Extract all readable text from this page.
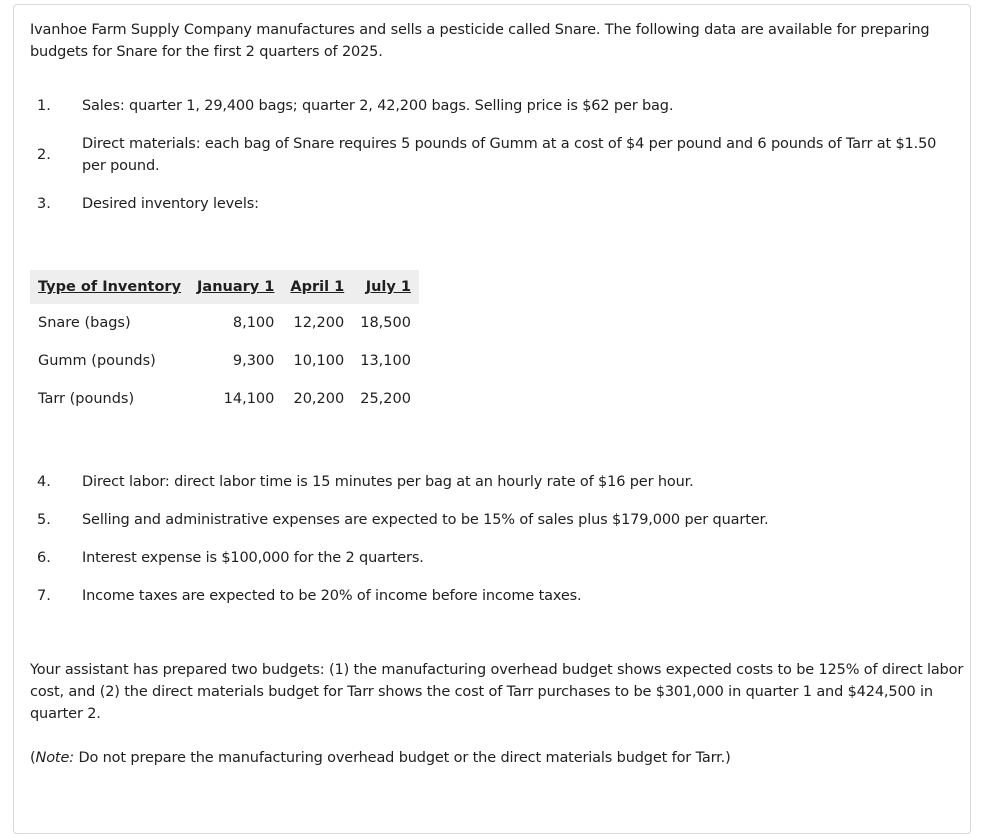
Ivanhoe Farm Supply Company manufactures and sells a pesticide called Snare. The following data are available for preparing budgets for Snare for the first 2 quarters of 2025.
1.	Sales: quarter 1, 29,400 bags; quarter 2, 42,200 bags. Selling price is $62 per bag.
2.
Direct materials: each bag of Snare requires 5 pounds of Gumm at a cost of $4 per pound and 6 pounds of Tarr at $1.50 per pound.
3.	Desired inventory levels:
Type of Inventory	January 1	April 1	July 1
Snare (bags)	8,100	12,200	18,500
Gumm (pounds)	9,300	10,100	13,100
Tarr (pounds)	14,100	20,200	25,200
4.	Direct labor: direct labor time is 15 minutes per bag at an hourly rate of $16 per hour.
5.	Selling and administrative expenses are expected to be 15% of sales plus $179,000 per quarter.
6.	Interest expense is $100,000 for the 2 quarters.
7.	Income taxes are expected to be 20% of income before income taxes.
Your assistant has prepared two budgets: (1) the manufacturing overhead budget shows expected costs to be 125% of direct labor cost, and (2) the direct materials budget for Tarr shows the cost of Tarr purchases to be $301,000 in quarter 1 and $424,500 in quarter 2.
(Note: Do not prepare the manufacturing overhead budget or the direct materials budget for Tarr.)
